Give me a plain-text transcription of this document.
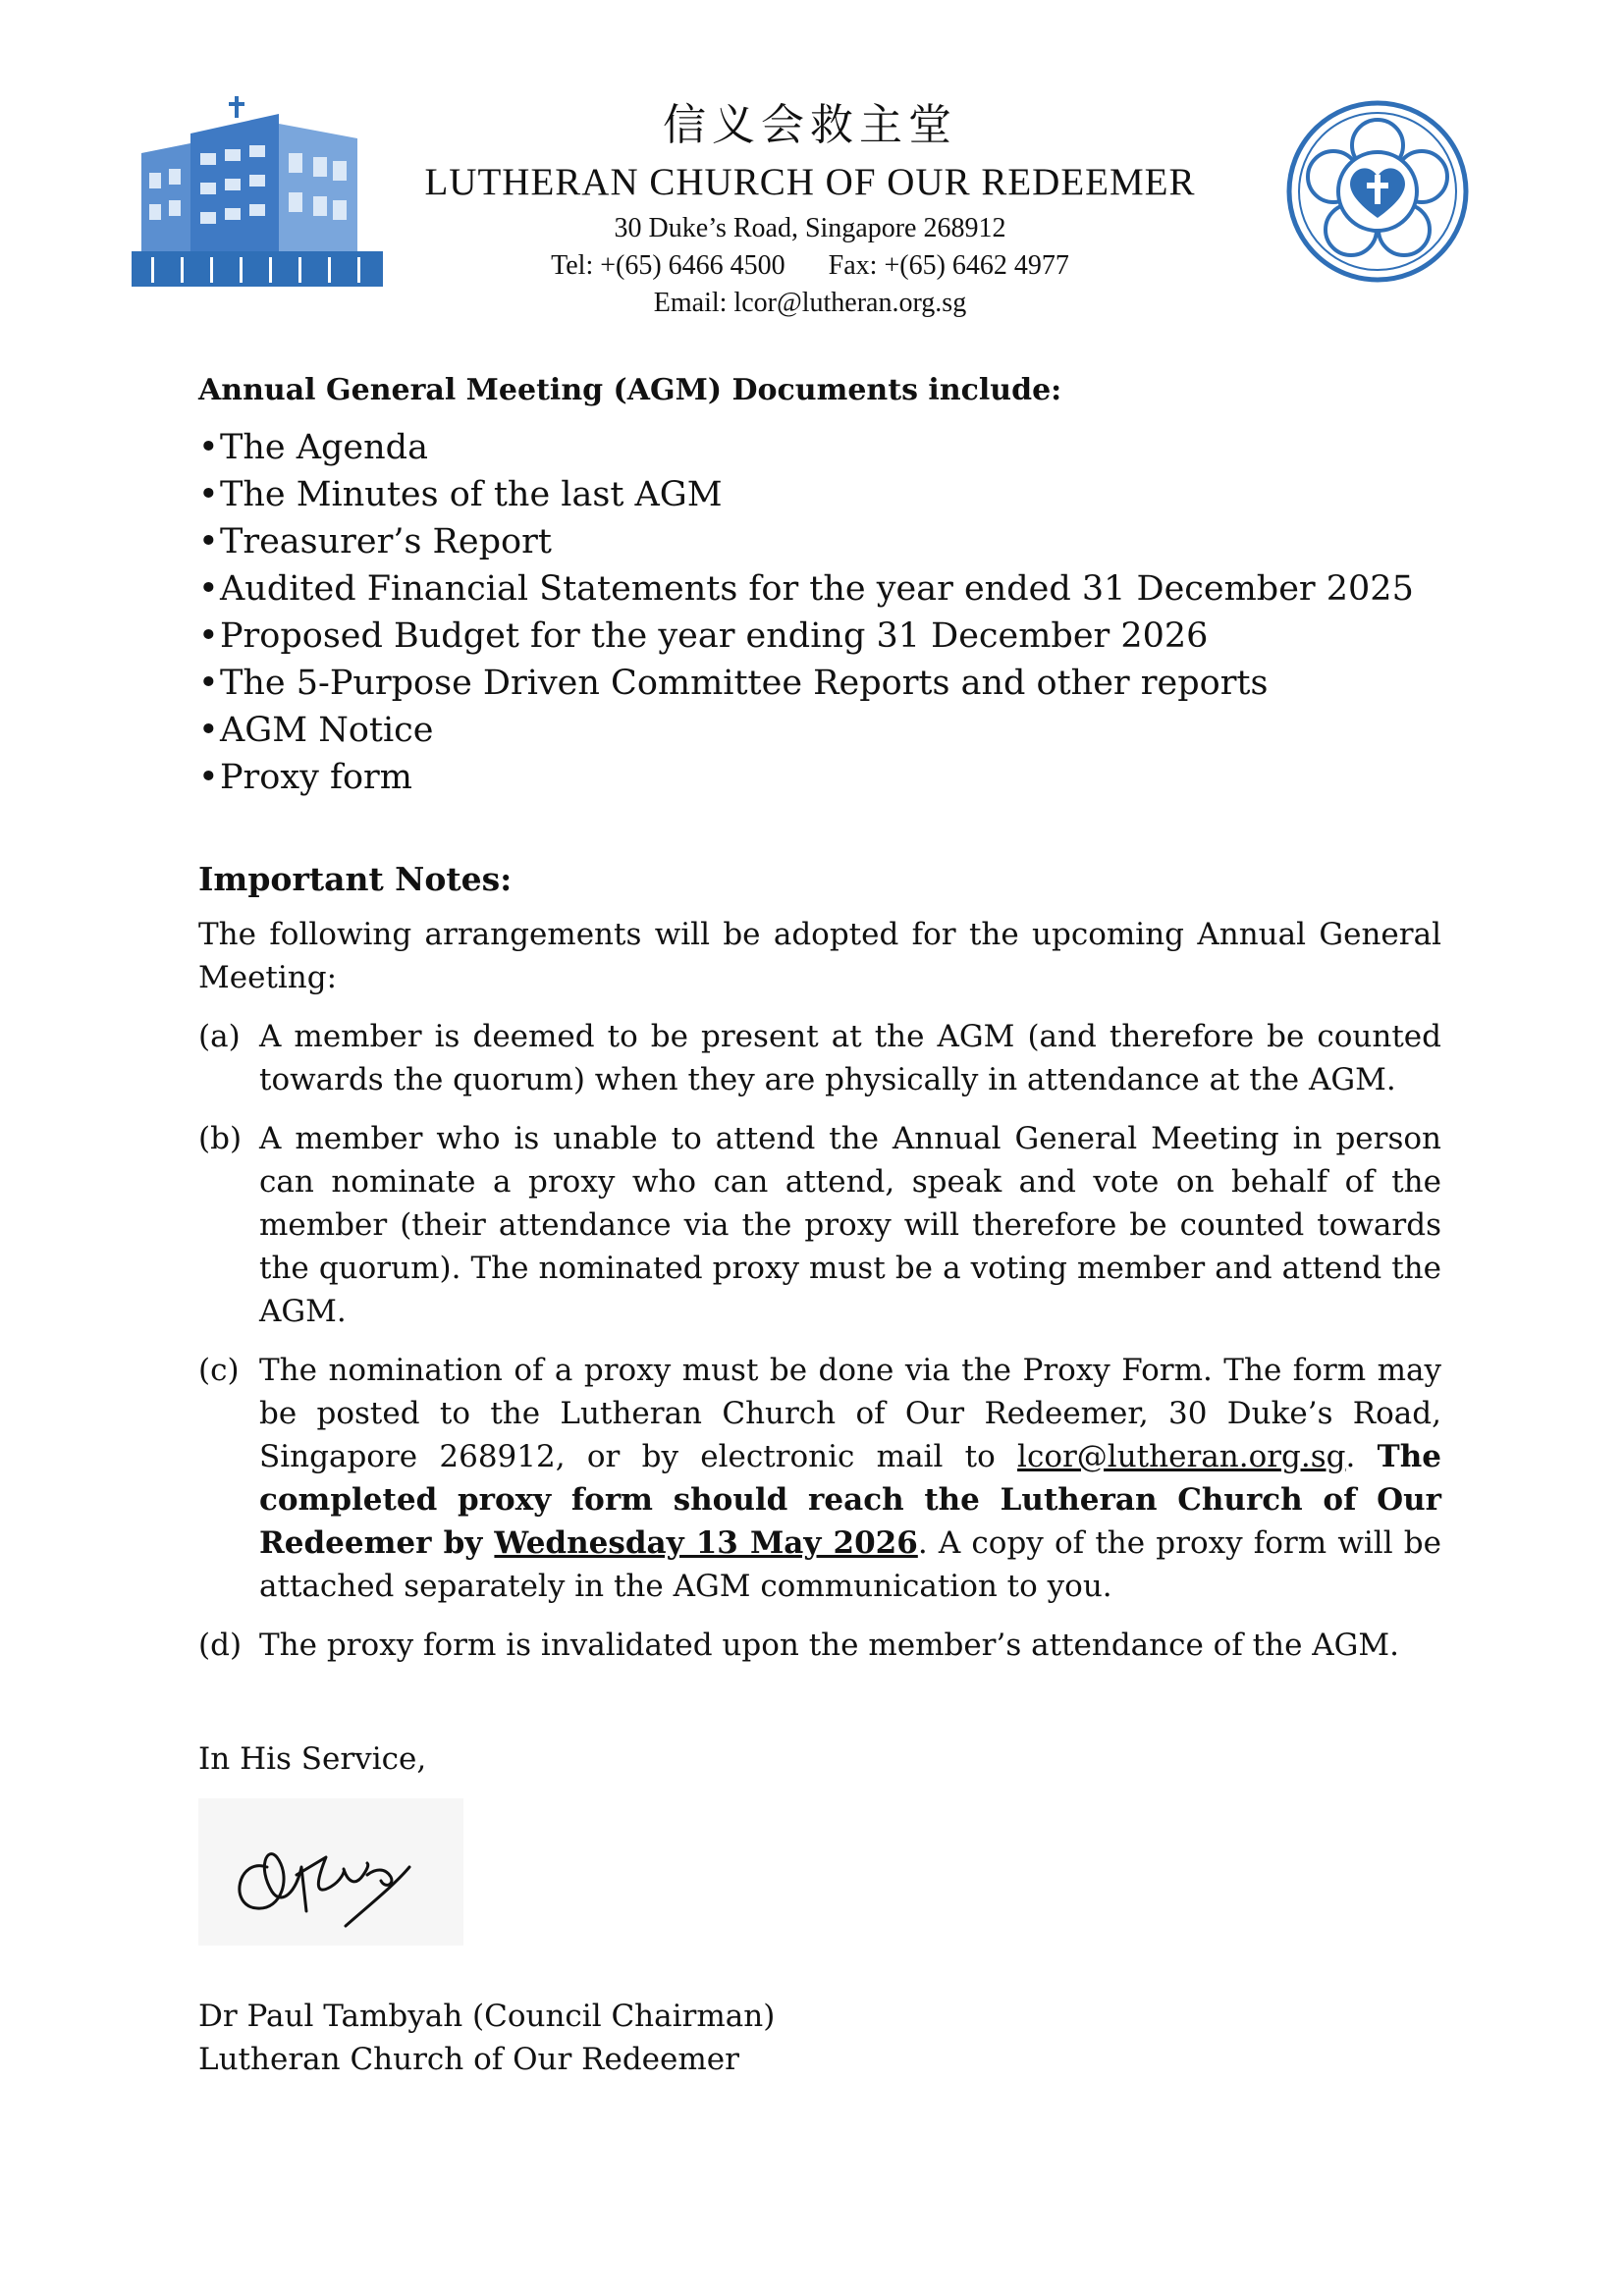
信义会救主堂
LUTHERAN CHURCH OF OUR REDEEMER
30 Duke’s Road, Singapore 268912
Tel: +(65) 6466 4500 Fax: +(65) 6462 4977
Email: lcor@lutheran.org.sg

Annual General Meeting (AGM) Documents include:

•The Agenda
•The Minutes of the last AGM
•Treasurer’s Report
•Audited Financial Statements for the year ended 31 December 2025
•Proposed Budget for the year ending 31 December 2026
•The 5-Purpose Driven Committee Reports and other reports
•AGM Notice
•Proxy form
Important Notes:
The following arrangements will be adopted for the upcoming Annual General Meeting:
(a) A member is deemed to be present at the AGM (and therefore be counted towards the quorum) when they are physically in attendance at the AGM.
(b) A member who is unable to attend the Annual General Meeting in person can nominate a proxy who can attend, speak and vote on behalf of the member (their attendance via the proxy will therefore be counted towards the quorum). The nominated proxy must be a voting member and attend the AGM.
(c) The nomination of a proxy must be done via the Proxy Form. The form may be posted to the Lutheran Church of Our Redeemer, 30 Duke’s Road, Singapore 268912, or by electronic mail to lcor@lutheran.org.sg. The completed proxy form should reach the Lutheran Church of Our Redeemer by Wednesday 13 May 2026. A copy of the proxy form will be attached separately in the AGM communication to you.
(d) The proxy form is invalidated upon the member’s attendance of the AGM.
In His Service,
Dr Paul Tambyah (Council Chairman)
Lutheran Church of Our Redeemer
